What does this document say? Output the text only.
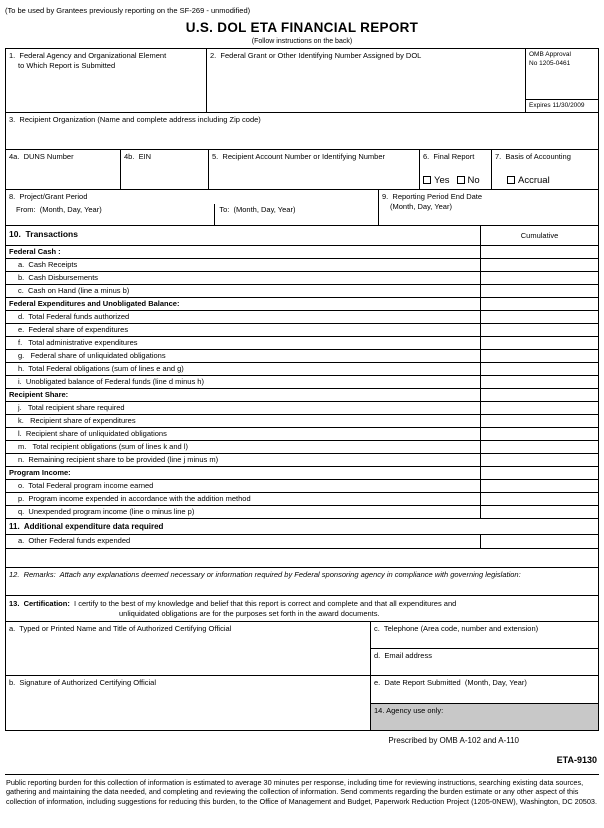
(To be used by Grantees previously reporting on the SF-269 - unmodified)
U.S. DOL ETA FINANCIAL REPORT
(Follow instructions on the back)
1.  Federal Agency and Organizational Element
to Which Report is Submitted
2.  Federal Grant or Other Identifying Number Assigned by DOL	OMB Approval
No 1205-0461
Expires 11/30/2009
3.  Recipient Organization (Name and complete address including Zip code)
4a.  DUNS Number	4b.  EIN	5.  Recipient Account Number or Identifying Number	6.  Final Report
Yes No
7.  Basis of Accounting
Accrual
8.  Project/Grant Period
From:  (Month, Day, Year)	To:  (Month, Day, Year)
9.  Reporting Period End Date
(Month, Day, Year)
10.  Transactions	Cumulative
Federal Cash :
a.  Cash Receipts
b.  Cash Disbursements
c.  Cash on Hand (line a minus b)
Federal Expenditures and Unobligated Balance:
d.  Total Federal funds authorized
e.  Federal share of expenditures
f.   Total administrative expenditures
g.   Federal share of unliquidated obligations
h.  Total Federal obligations (sum of lines e and g)
i.  Unobligated balance of Federal funds (line d minus h)
Recipient Share:
j.   Total recipient share required
k.   Recipient share of expenditures
l.  Recipient share of unliquidated obligations
m.   Total recipient obligations (sum of lines k and l)
n.  Remaining recipient share to be provided (line j minus m)
Program Income:
o.  Total Federal program income earned
p.  Program income expended in accordance with the addition method
q.  Unexpended program income (line o minus line p)
11.  Additional expenditure data required
a.  Other Federal funds expended
12.  Remarks:  Attach any explanations deemed necessary or information required by Federal sponsoring agency in compliance with governing legislation:
13.  Certification:  I certify to the best of my knowledge and belief that this report is correct and complete and that all expenditures and
unliquidated obligations are for the purposes set forth in the award documents.
a.  Typed or Printed Name and Title of Authorized Certifying Official	c.  Telephone (Area code, number and extension)
d.  Email address
b.  Signature of Authorized Certifying Official	e.  Date Report Submitted  (Month, Day, Year)
14. Agency use only:
Prescribed by OMB A-102 and A-110
ETA-9130
Public reporting burden for this collection of information is estimated to average 30 minutes per response, including time for reviewing instructions, searching existing data sources, gathering and maintaining the data needed, and completing and reviewing the collection of information. Send comments regarding the burden estimate or any other aspect of this collection of information, including suggestions for reducing this burden, to the Office of Management and Budget, Paperwork Reduction Project (1205-0NEW), Washington, DC 20503.
